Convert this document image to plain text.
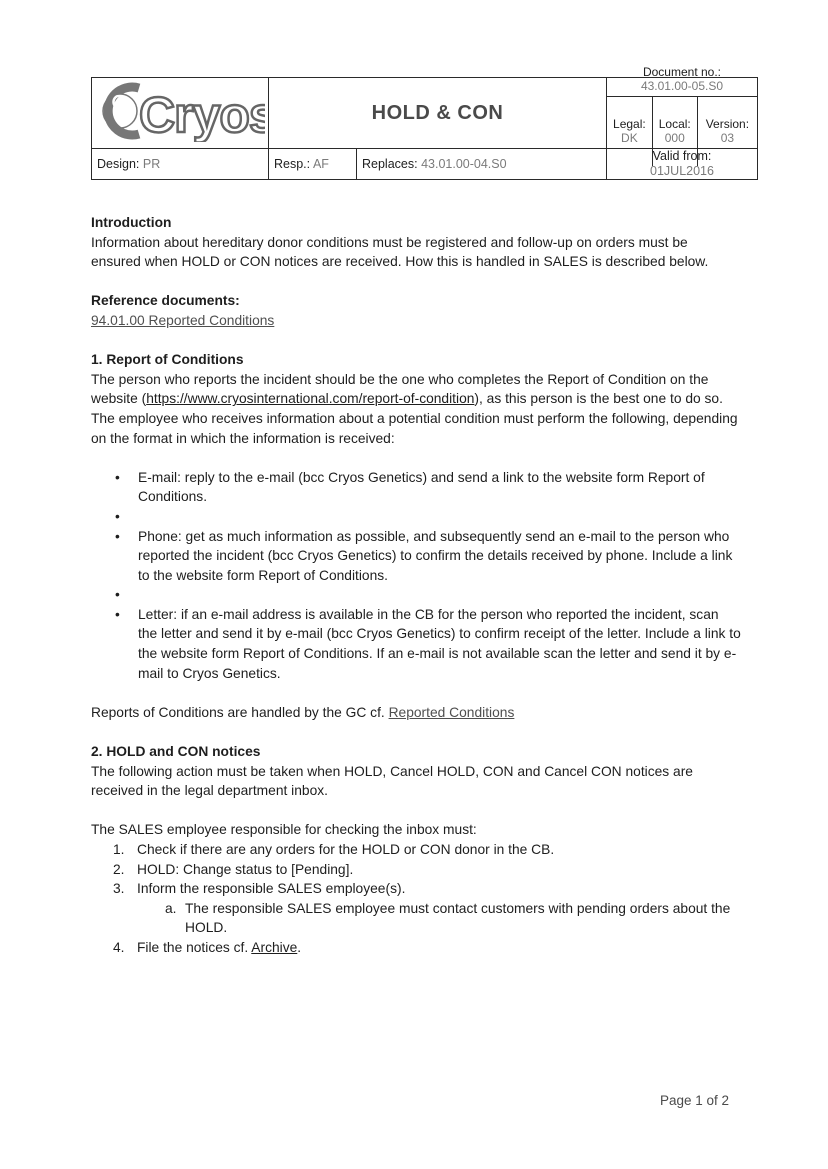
Cryos	HOLD & CON	
Document no.:
43.01.00-05.S0
Legal:
DK

Local:
000

Version:
03

Design: PR	Resp.: AF	Replaces: 43.01.00-04.S0	
Valid from:
01JUL2016

Introduction

Information about hereditary donor conditions must be registered and follow-up on orders must be ensured when HOLD or CON notices are received. How this is handled in SALES is described below.

Reference documents:

94.01.00 Reported Conditions

1. Report of Conditions

The person who reports the incident should be the one who completes the Report of Condition on the website (https://www.cryosinternational.com/report-of-condition), as this person is the best one to do so.

The employee who receives information about a potential condition must perform the following, depending on the format in which the information is received:

• E-mail: reply to the e-mail (bcc Cryos Genetics) and send a link to the website form Report of Conditions.
•
• Phone: get as much information as possible, and subsequently send an e-mail to the person who reported the incident (bcc Cryos Genetics) to confirm the details received by phone. Include a link to the website form Report of Conditions.
•
• Letter: if an e-mail address is available in the CB for the person who reported the incident, scan the letter and send it by e-mail (bcc Cryos Genetics) to confirm receipt of the letter. Include a link to the website form Report of Conditions. If an e-mail is not available scan the letter and send it by e-mail to Cryos Genetics.

Reports of Conditions are handled by the GC cf. Reported Conditions

2. HOLD and CON notices

The following action must be taken when HOLD, Cancel HOLD, CON and Cancel CON notices are received in the legal department inbox.

The SALES employee responsible for checking the inbox must:

1. Check if there are any orders for the HOLD or CON donor in the CB.
2. HOLD: Change status to [Pending].
3. Inform the responsible SALES employee(s).
a. The responsible SALES employee must contact customers with pending orders about the HOLD.
4. File the notices cf. Archive.
Page 1 of 2
